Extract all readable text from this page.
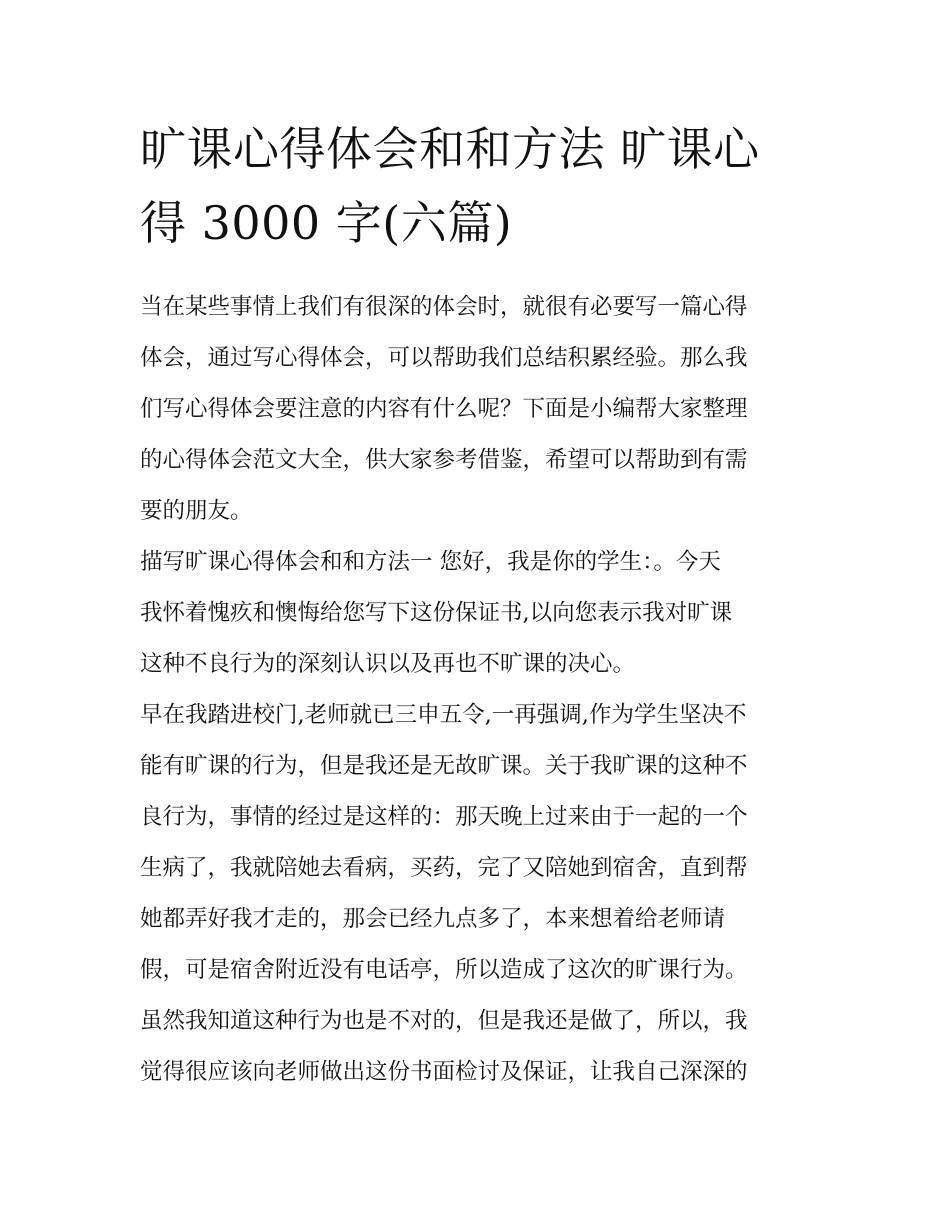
旷课心得体会和和方法 旷课心
得 3000 字(六篇)

当在某些事情上我们有很深的体会时，就很有必要写一篇心得
体会，通过写心得体会，可以帮助我们总结积累经验。那么我
们写心得体会要注意的内容有什么呢？下面是小编帮大家整理
的心得体会范文大全，供大家参考借鉴，希望可以帮助到有需
要的朋友。

描写旷课心得体会和和方法一 您好，我是你的学生：。今天
我怀着愧疚和懊悔给您写下这份保证书,以向您表示我对旷课
这种不良行为的深刻认识以及再也不旷课的决心。

早在我踏进校门,老师就已三申五令,一再强调,作为学生坚决不
能有旷课的行为，但是我还是无故旷课。关于我旷课的这种不
良行为，事情的经过是这样的：那天晚上过来由于一起的一个
生病了，我就陪她去看病，买药，完了又陪她到宿舍，直到帮
她都弄好我才走的，那会已经九点多了，本来想着给老师请
假，可是宿舍附近没有电话亭，所以造成了这次的旷课行为。
虽然我知道这种行为也是不对的，但是我还是做了，所以，我
觉得很应该向老师做出这份书面检讨及保证，让我自己深深的
